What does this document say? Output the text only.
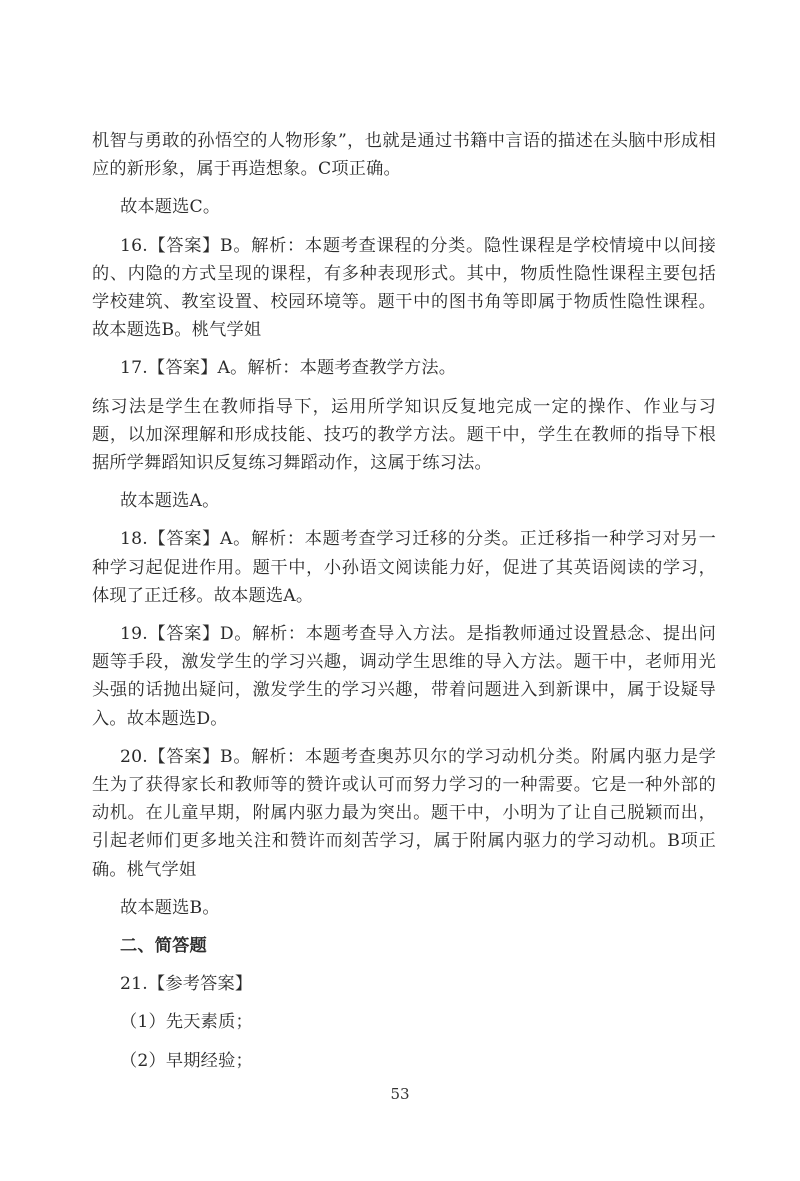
机智与勇敢的孙悟空的人物形象”，也就是通过书籍中言语的描述在头脑中形成相应的新形象，属于再造想象。C项正确。

故本题选C。

16.【答案】B。解析：本题考查课程的分类。隐性课程是学校情境中以间接的、内隐的方式呈现的课程，有多种表现形式。其中，物质性隐性课程主要包括学校建筑、教室设置、校园环境等。题干中的图书角等即属于物质性隐性课程。故本题选B。桃气学姐

17.【答案】A。解析：本题考查教学方法。

练习法是学生在教师指导下，运用所学知识反复地完成一定的操作、作业与习题，以加深理解和形成技能、技巧的教学方法。题干中，学生在教师的指导下根据所学舞蹈知识反复练习舞蹈动作，这属于练习法。

故本题选A。

18.【答案】A。解析：本题考查学习迁移的分类。正迁移指一种学习对另一种学习起促进作用。题干中，小孙语文阅读能力好，促进了其英语阅读的学习，体现了正迁移。故本题选A。

19.【答案】D。解析：本题考查导入方法。是指教师通过设置悬念、提出问题等手段，激发学生的学习兴趣，调动学生思维的导入方法。题干中，老师用光头强的话抛出疑问，激发学生的学习兴趣，带着问题进入到新课中，属于设疑导入。故本题选D。

20.【答案】B。解析：本题考查奥苏贝尔的学习动机分类。附属内驱力是学生为了获得家长和教师等的赞许或认可而努力学习的一种需要。它是一种外部的动机。在儿童早期，附属内驱力最为突出。题干中，小明为了让自己脱颖而出，引起老师们更多地关注和赞许而刻苦学习，属于附属内驱力的学习动机。B项正确。桃气学姐

故本题选B。

二、简答题

21.【参考答案】

（1）先天素质；

（2）早期经验；

53
